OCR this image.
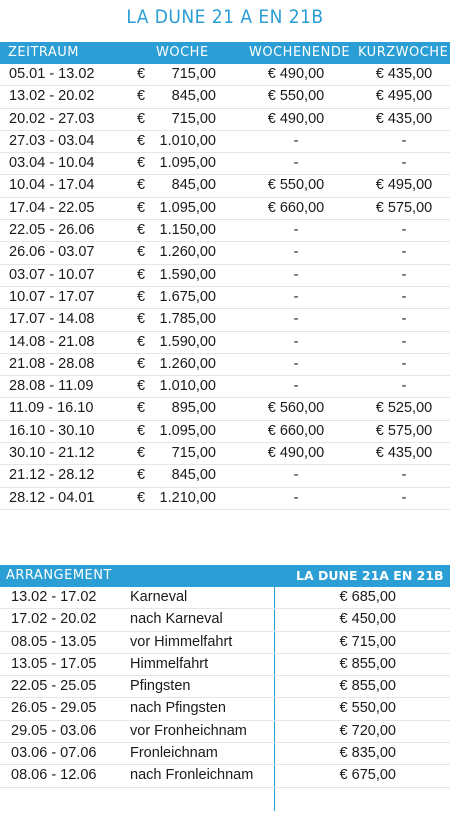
LA DUNE 21 A EN 21B
ZEITRAUM	WOCHE	WOCHENENDE KURZWOCHE
05.01 - 13.02	€	715,00	€ 490,00	€ 435,00
13.02 - 20.02	€	845,00	€ 550,00	€ 495,00
20.02 - 27.03	€	715,00	€ 490,00	€ 435,00
27.03 - 03.04	€ 1.010,00	-	-
03.04 - 10.04	€ 1.095,00	-	-
10.04 - 17.04	€	845,00	€ 550,00	€ 495,00
17.04 - 22.05	€ 1.095,00	€ 660,00	€ 575,00
22.05 - 26.06	€ 1.150,00	-	-
26.06 - 03.07	€ 1.260,00	-	-
03.07 - 10.07	€ 1.590,00	-	-
10.07 - 17.07	€ 1.675,00	-	-
17.07 - 14.08	€ 1.785,00	-	-
14.08 - 21.08	€ 1.590,00	-	-
21.08 - 28.08	€ 1.260,00	-	-
28.08 - 11.09	€ 1.010,00	-	-
11.09 - 16.10	€	895,00	€ 560,00	€ 525,00
16.10 - 30.10	€ 1.095,00	€ 660,00	€ 575,00
30.10 - 21.12	€	715,00	€ 490,00	€ 435,00
21.12 - 28.12	€	845,00	-	-
28.12 - 04.01	€ 1.210,00	-	-
ARRANGEMENT	LA DUNE 21A EN 21B
13.02 - 17.02 Karneval	€ 685,00
17.02 - 20.02 nach Karneval	€ 450,00
08.05 - 13.05 vor Himmelfahrt	€ 715,00
13.05 - 17.05 Himmelfahrt	€ 855,00
22.05 - 25.05 Pfingsten	€ 855,00
26.05 - 29.05 nach Pfingsten	€ 550,00
29.05 - 03.06 vor Fronheichnam	€ 720,00
03.06 - 07.06 Fronleichnam	€ 835,00
08.06 - 12.06 nach Fronleichnam	€ 675,00
